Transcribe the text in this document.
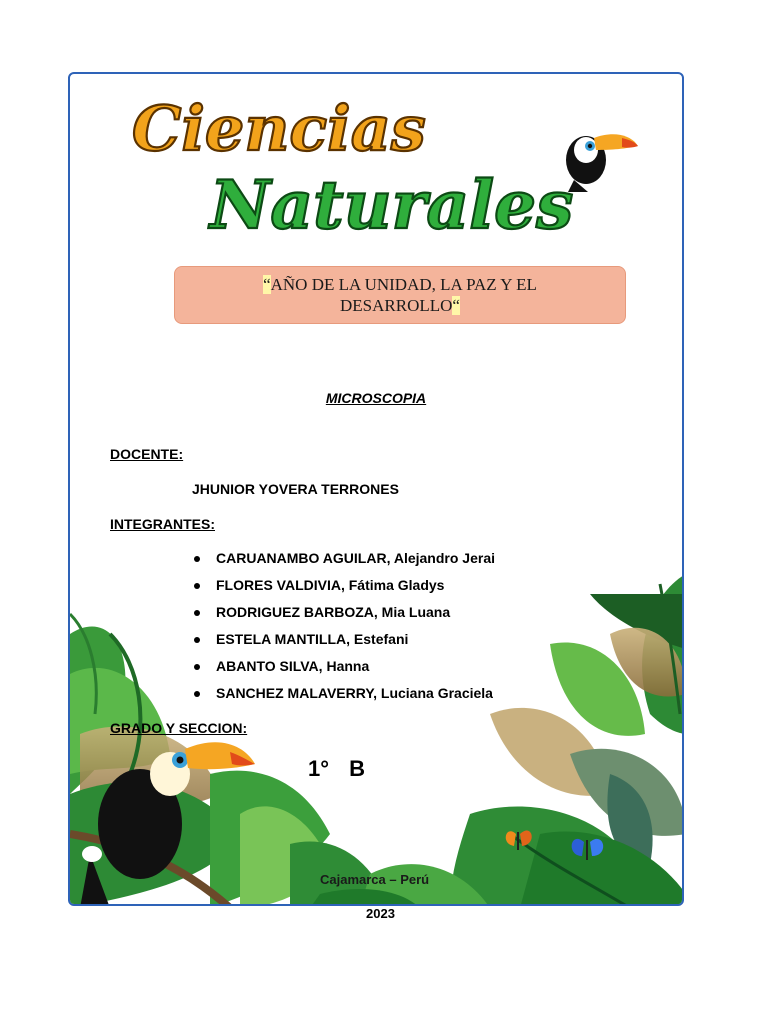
Ciencias
Naturales
“AÑO DE LA UNIDAD, LA PAZ Y EL
DESARROLLO“
MICROSCOPIA
DOCENTE:
JHUNIOR YOVERA TERRONES
INTEGRANTES:
CARUANAMBO AGUILAR, Alejandro Jerai
FLORES VALDIVIA, Fátima Gladys
RODRIGUEZ BARBOZA, Mia Luana
ESTELA MANTILLA, Estefani
ABANTO SILVA, Hanna
SANCHEZ MALAVERRY, Luciana Graciela
GRADO Y SECCION:
1° B
Cajamarca – Perú
2023
